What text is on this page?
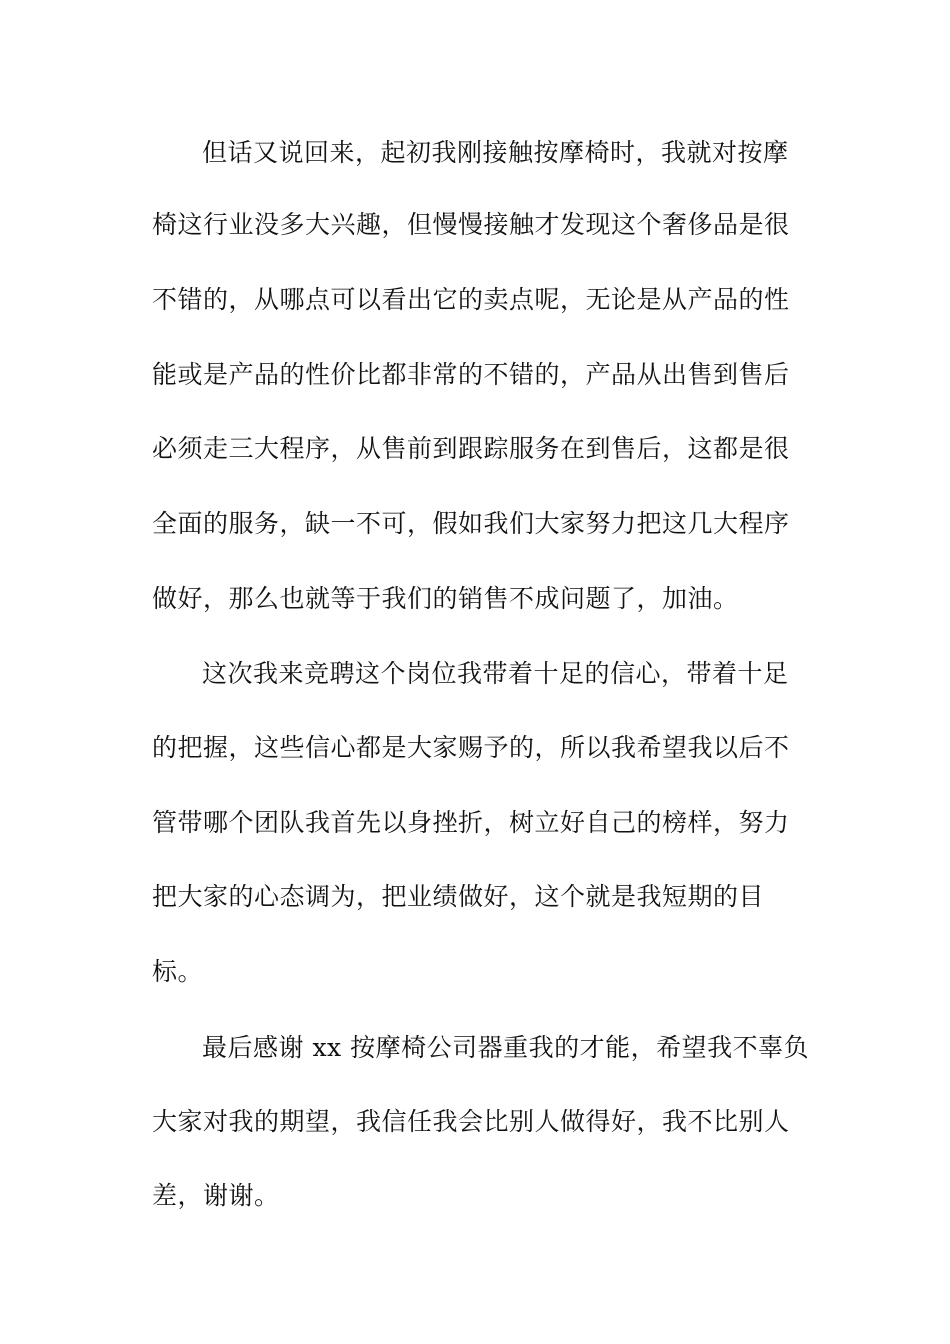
但话又说回来，起初我刚接触按摩椅时，我就对按摩
椅这行业没多大兴趣，但慢慢接触才发现这个奢侈品是很
不错的，从哪点可以看出它的卖点呢，无论是从产品的性
能或是产品的性价比都非常的不错的，产品从出售到售后
必须走三大程序，从售前到跟踪服务在到售后，这都是很
全面的服务，缺一不可，假如我们大家努力把这几大程序
做好，那么也就等于我们的销售不成问题了，加油。
这次我来竞聘这个岗位我带着十足的信心，带着十足
的把握，这些信心都是大家赐予的，所以我希望我以后不
管带哪个团队我首先以身挫折，树立好自己的榜样，努力
把大家的心态调为，把业绩做好，这个就是我短期的目
标。
最后感谢 xx 按摩椅公司器重我的才能，希望我不辜负
大家对我的期望，我信任我会比别人做得好，我不比别人
差，谢谢。
